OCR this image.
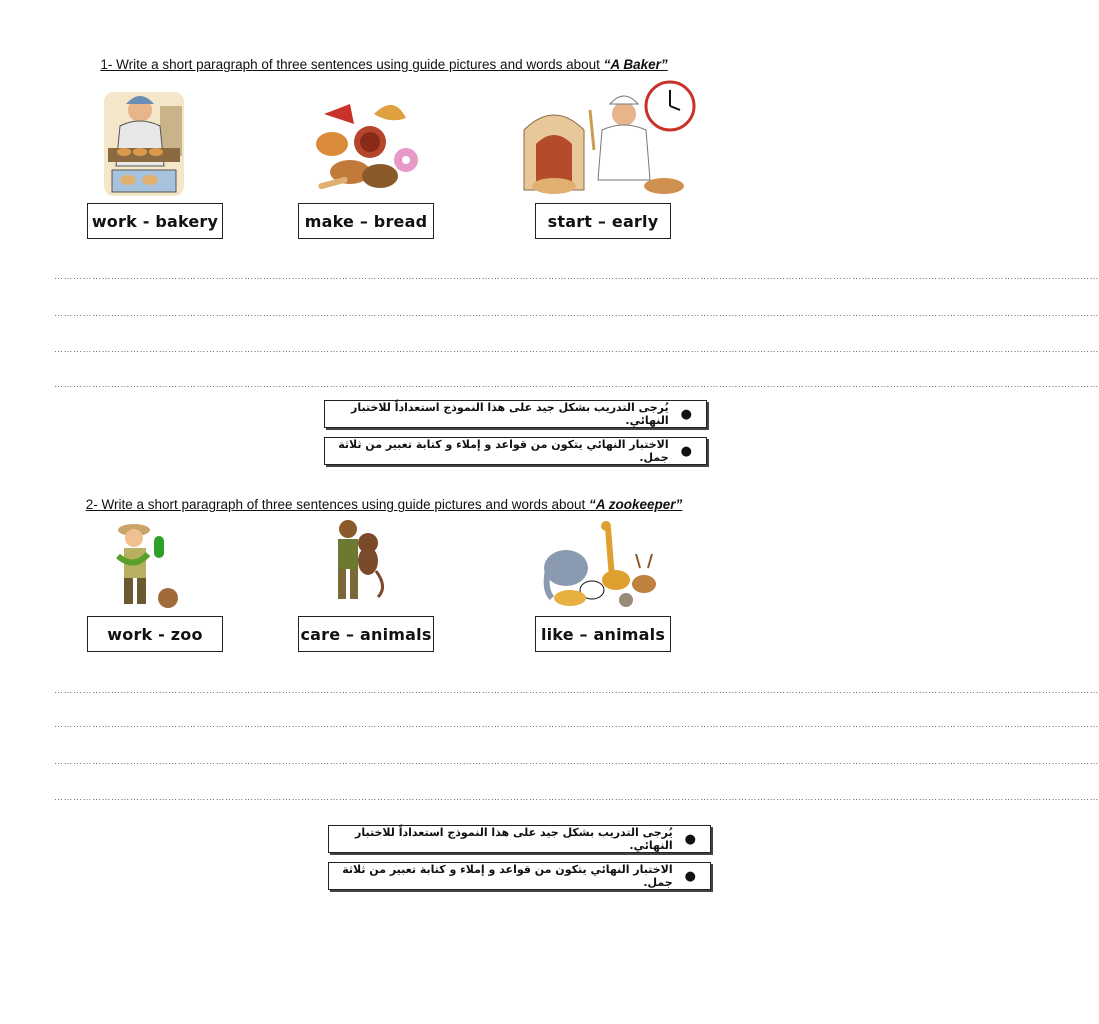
1- Write a short paragraph of three sentences using guide pictures and words about “A Baker”
work - bakery	make – bread	start – early
……………………………………………………………………………………………………………………………………………………………………………………………………………………………………………………………………………………………………
……………………………………………………………………………………………………………………………………………………………………………………………………………………………………………………………………………………………………
……………………………………………………………………………………………………………………………………………………………………………………………………………………………………………………………………………………………………
……………………………………………………………………………………………………………………………………………………………………………………………………………………………………………………………………………………………………
●
يُرجى التدريب بشكل جيد على هذا النموذج استعداداً للاختبار النهائي.
●
الاختبار النهائي يتكون من قواعد و إملاء و كتابة تعبير من ثلاثة جمل.
2- Write a short paragraph of three sentences using guide pictures and words about “A zookeeper”
work - zoo	care – animals	like – animals
……………………………………………………………………………………………………………………………………………………………………………………………………………………………………………………………………………………………………
……………………………………………………………………………………………………………………………………………………………………………………………………………………………………………………………………………………………………
……………………………………………………………………………………………………………………………………………………………………………………………………………………………………………………………………………………………………
……………………………………………………………………………………………………………………………………………………………………………………………………………………………………………………………………………………………………
●
يُرجى التدريب بشكل جيد على هذا النموذج استعداداً للاختبار النهائي.
●
الاختبار النهائي يتكون من قواعد و إملاء و كتابة تعبير من ثلاثة جمل.
